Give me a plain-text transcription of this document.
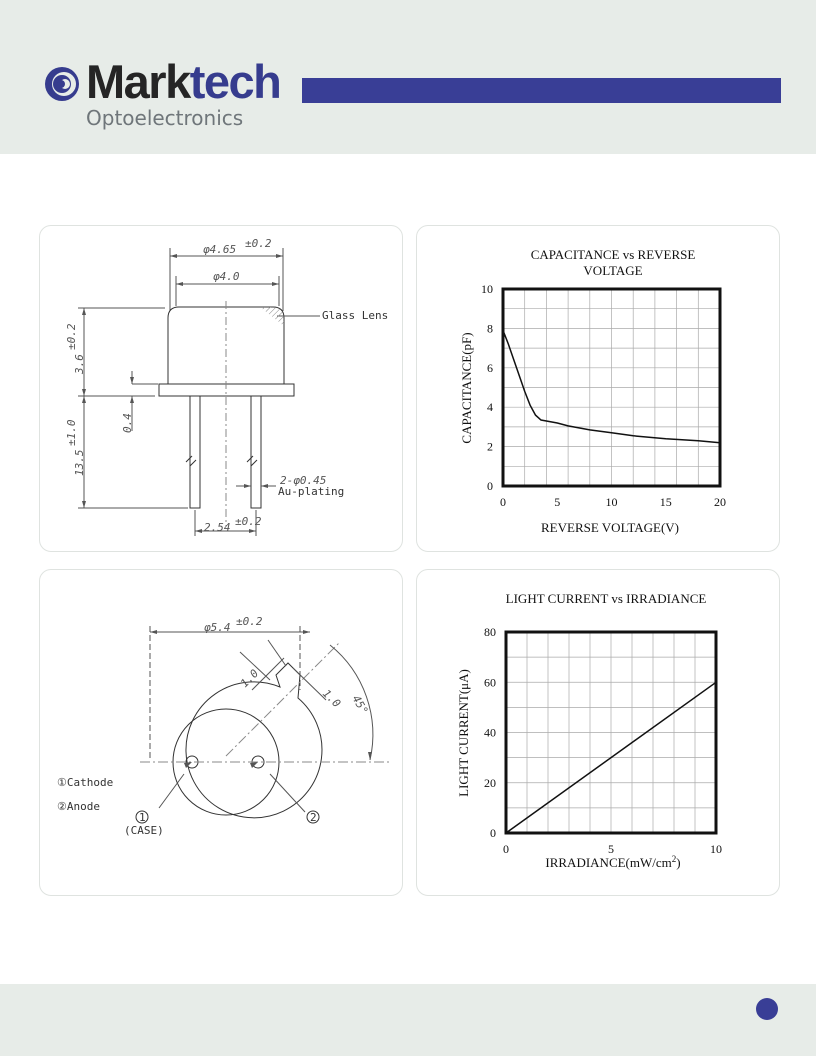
Marktech
Optoelectronics
φ4.65 ±0.2
φ4.0
Glass Lens
3.6
±0.2
0.4
13.5
±1.0
2-φ0.45
Au-plating
2.54 ±0.2
CAPACITANCE vs REVERSE
VOLTAGE
0	5	10	15	20
0
2
4
6
8
10
REVERSE VOLTAGE(V)
CAPACITANCE(pF)
φ5.4 ±0.2
1.0
1.0 45°
①Cathode
②Anode
1
(CASE)
2
LIGHT CURRENT vs IRRADIANCE
0	5	10
0
20
40
60
80
$IRRADIANCE(mW/cm^2)$
LIGHT CURRENT(μA)
